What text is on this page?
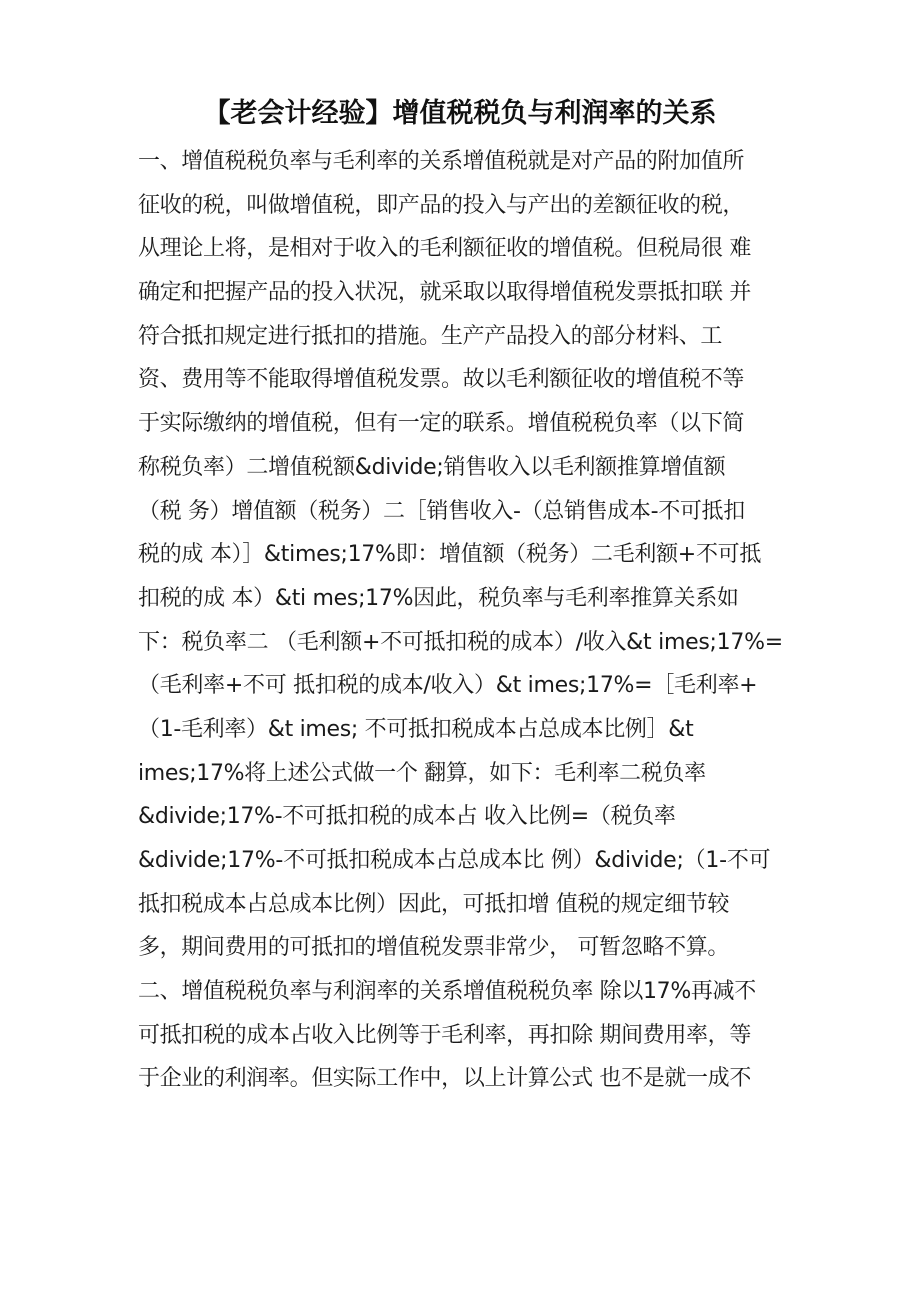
【老会计经验】增值税税负与利润率的关系
一、增值税税负率与毛利率的关系增值税就是对产品的附加值所
征收的税，叫做增值税，即产品的投入与产出的差额征收的税，
从理论上将，是相对于收入的毛利额征收的增值税。但税局很 难
确定和把握产品的投入状况，就采取以取得增值税发票抵扣联 并
符合抵扣规定进行抵扣的措施。生产产品投入的部分材料、工
资、费用等不能取得增值税发票。故以毛利额征收的增值税不等
于实际缴纳的增值税，但有一定的联系。增值税税负率（以下简
称税负率）二增值税额&divide;销售收入以毛利额推算增值额
（税 务）增值额（税务）二［销售收入-（总销售成本-不可抵扣
税的成 本）］&times;17%即：增值额（税务）二毛利额+不可抵
扣税的成 本）&ti mes;17%因此，税负率与毛利率推算关系如
下：税负率二 （毛利额+不可抵扣税的成本）/收入&t imes;17%=
（毛利率+不可 抵扣税的成本/收入）&t imes;17%=［毛利率+
（1-毛利率）&t imes; 不可抵扣税成本占总成本比例］&t
imes;17%将上述公式做一个 翻算，如下：毛利率二税负率
&divide;17%-不可抵扣税的成本占 收入比例=（税负率
&divide;17%-不可抵扣税成本占总成本比 例）&divide;（1-不可
抵扣税成本占总成本比例）因此，可抵扣增 值税的规定细节较
多，期间费用的可抵扣的增值税发票非常少， 可暂忽略不算。
二、增值税税负率与利润率的关系增值税税负率 除以17%再减不
可抵扣税的成本占收入比例等于毛利率，再扣除 期间费用率，等
于企业的利润率。但实际工作中，以上计算公式 也不是就一成不
